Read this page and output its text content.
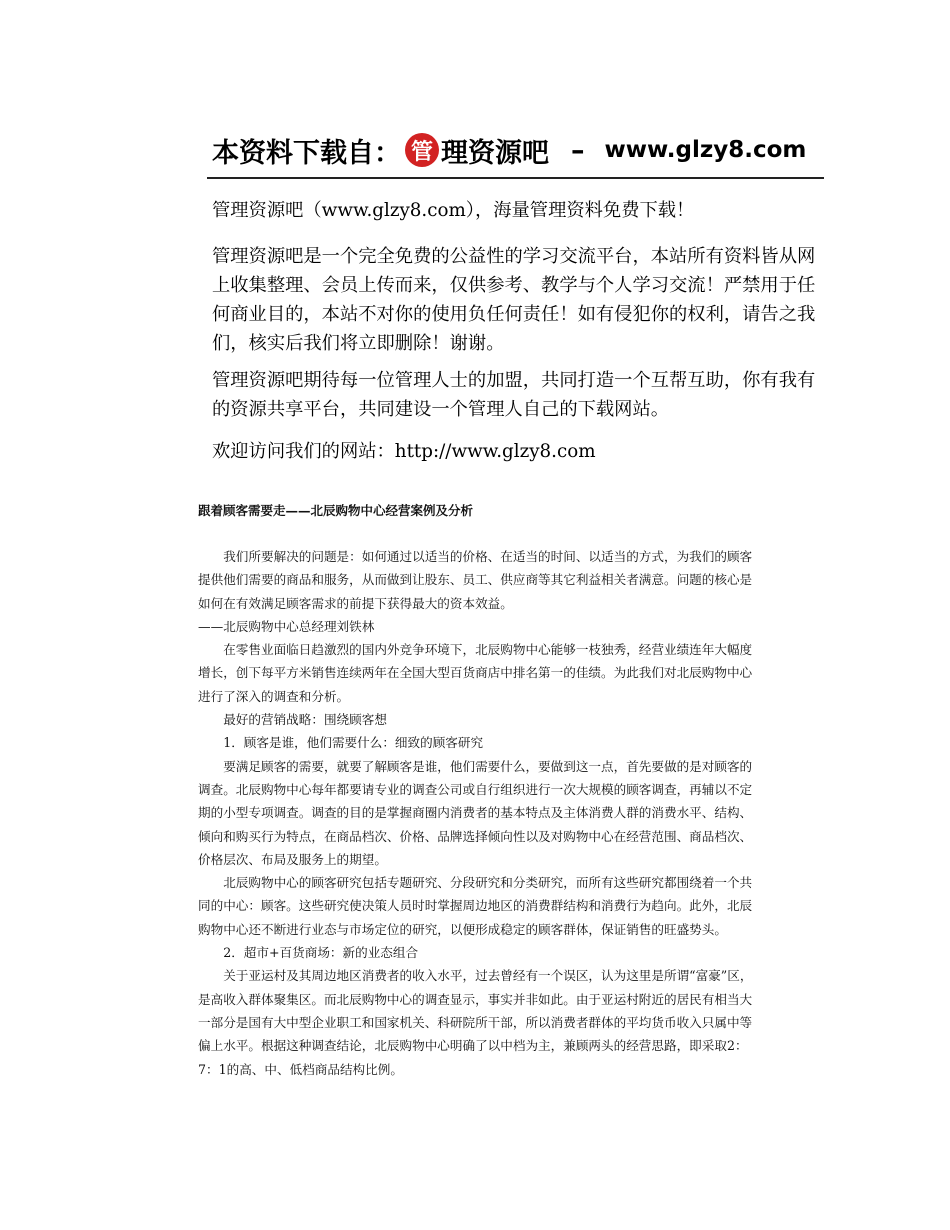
本资料下载自： 管 理资源吧 – www.glzy8.com

管理资源吧（www.glzy8.com），海量管理资料免费下载！

管理资源吧是一个完全免费的公益性的学习交流平台，本站所有资料皆从网上收集整理、会员上传而来，仅供参考、教学与个人学习交流！严禁用于任何商业目的，本站不对你的使用负任何责任！如有侵犯你的权利，请告之我们，核实后我们将立即删除！谢谢。

管理资源吧期待每一位管理人士的加盟，共同打造一个互帮互助，你有我有的资源共享平台，共同建设一个管理人自己的下载网站。

欢迎访问我们的网站：http://www.glzy8.com

跟着顾客需要走——北辰购物中心经营案例及分析

我们所要解决的问题是：如何通过以适当的价格、在适当的时间、以适当的方式，为我们的顾客提供他们需要的商品和服务，从而做到让股东、员工、供应商等其它利益相关者满意。问题的核心是如何在有效满足顾客需求的前提下获得最大的资本效益。

——北辰购物中心总经理刘铁林

在零售业面临日趋激烈的国内外竞争环境下，北辰购物中心能够一枝独秀，经营业绩连年大幅度增长，创下每平方米销售连续两年在全国大型百货商店中排名第一的佳绩。为此我们对北辰购物中心进行了深入的调查和分析。

最好的营销战略：围绕顾客想

1．顾客是谁，他们需要什么：细致的顾客研究

要满足顾客的需要，就要了解顾客是谁，他们需要什么，要做到这一点，首先要做的是对顾客的调查。北辰购物中心每年都要请专业的调查公司或自行组织进行一次大规模的顾客调查，再辅以不定期的小型专项调查。调查的目的是掌握商圈内消费者的基本特点及主体消费人群的消费水平、结构、倾向和购买行为特点，在商品档次、价格、品牌选择倾向性以及对购物中心在经营范围、商品档次、价格层次、布局及服务上的期望。

北辰购物中心的顾客研究包括专题研究、分段研究和分类研究，而所有这些研究都围绕着一个共同的中心：顾客。这些研究使决策人员时时掌握周边地区的消费群结构和消费行为趋向。此外，北辰购物中心还不断进行业态与市场定位的研究，以便形成稳定的顾客群体，保证销售的旺盛势头。

2．超市+百货商场：新的业态组合

关于亚运村及其周边地区消费者的收入水平，过去曾经有一个误区，认为这里是所谓“富豪”区，是高收入群体聚集区。而北辰购物中心的调查显示，事实并非如此。由于亚运村附近的居民有相当大一部分是国有大中型企业职工和国家机关、科研院所干部，所以消费者群体的平均货币收入只属中等偏上水平。根据这种调查结论，北辰购物中心明确了以中档为主，兼顾两头的经营思路，即采取2：7：1的高、中、低档商品结构比例。
